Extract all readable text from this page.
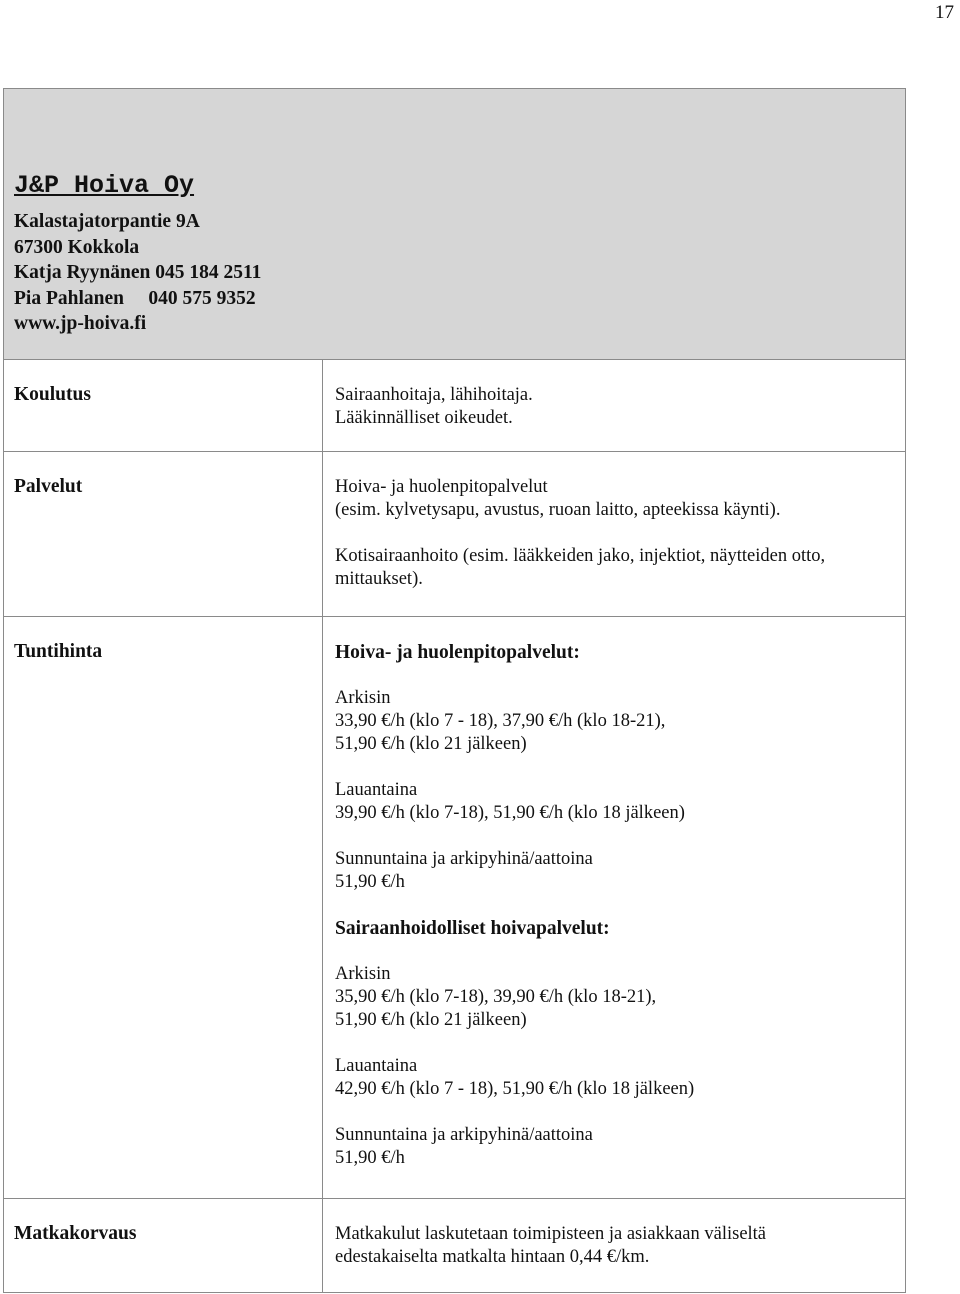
17
J&P Hoiva Oy
Kalastajatorpantie 9A
67300 Kokkola
Katja Ryynänen 045 184 2511
Pia Pahlanen     040 575 9352
www.jp-hoiva.fi
Koulutus	Sairaanhoitaja, lähihoitaja.
Lääkinnälliset oikeudet.
Palvelut	Hoiva- ja huolenpitopalvelut
(esim. kylvetysapu, avustus, ruoan laitto, apteekissa käynti).
Kotisairaanhoito (esim. lääkkeiden jako, injektiot, näytteiden otto,
mittaukset).
Tuntihinta	Hoiva- ja huolenpitopalvelut:
Arkisin
33,90 €/h (klo 7 - 18), 37,90 €/h (klo 18-21),
51,90 €/h (klo 21 jälkeen)
Lauantaina
39,90 €/h (klo 7-18), 51,90 €/h (klo 18 jälkeen)
Sunnuntaina ja arkipyhinä/aattoina
51,90 €/h
Sairaanhoidolliset hoivapalvelut:
Arkisin
35,90 €/h (klo 7-18), 39,90 €/h (klo 18-21),
51,90 €/h (klo 21 jälkeen)
Lauantaina
42,90 €/h (klo 7 - 18), 51,90 €/h (klo 18 jälkeen)
Sunnuntaina ja arkipyhinä/aattoina
51,90 €/h
Matkakorvaus	Matkakulut laskutetaan toimipisteen ja asiakkaan väliseltä
edestakaiselta matkalta hintaan 0,44 €/km.
